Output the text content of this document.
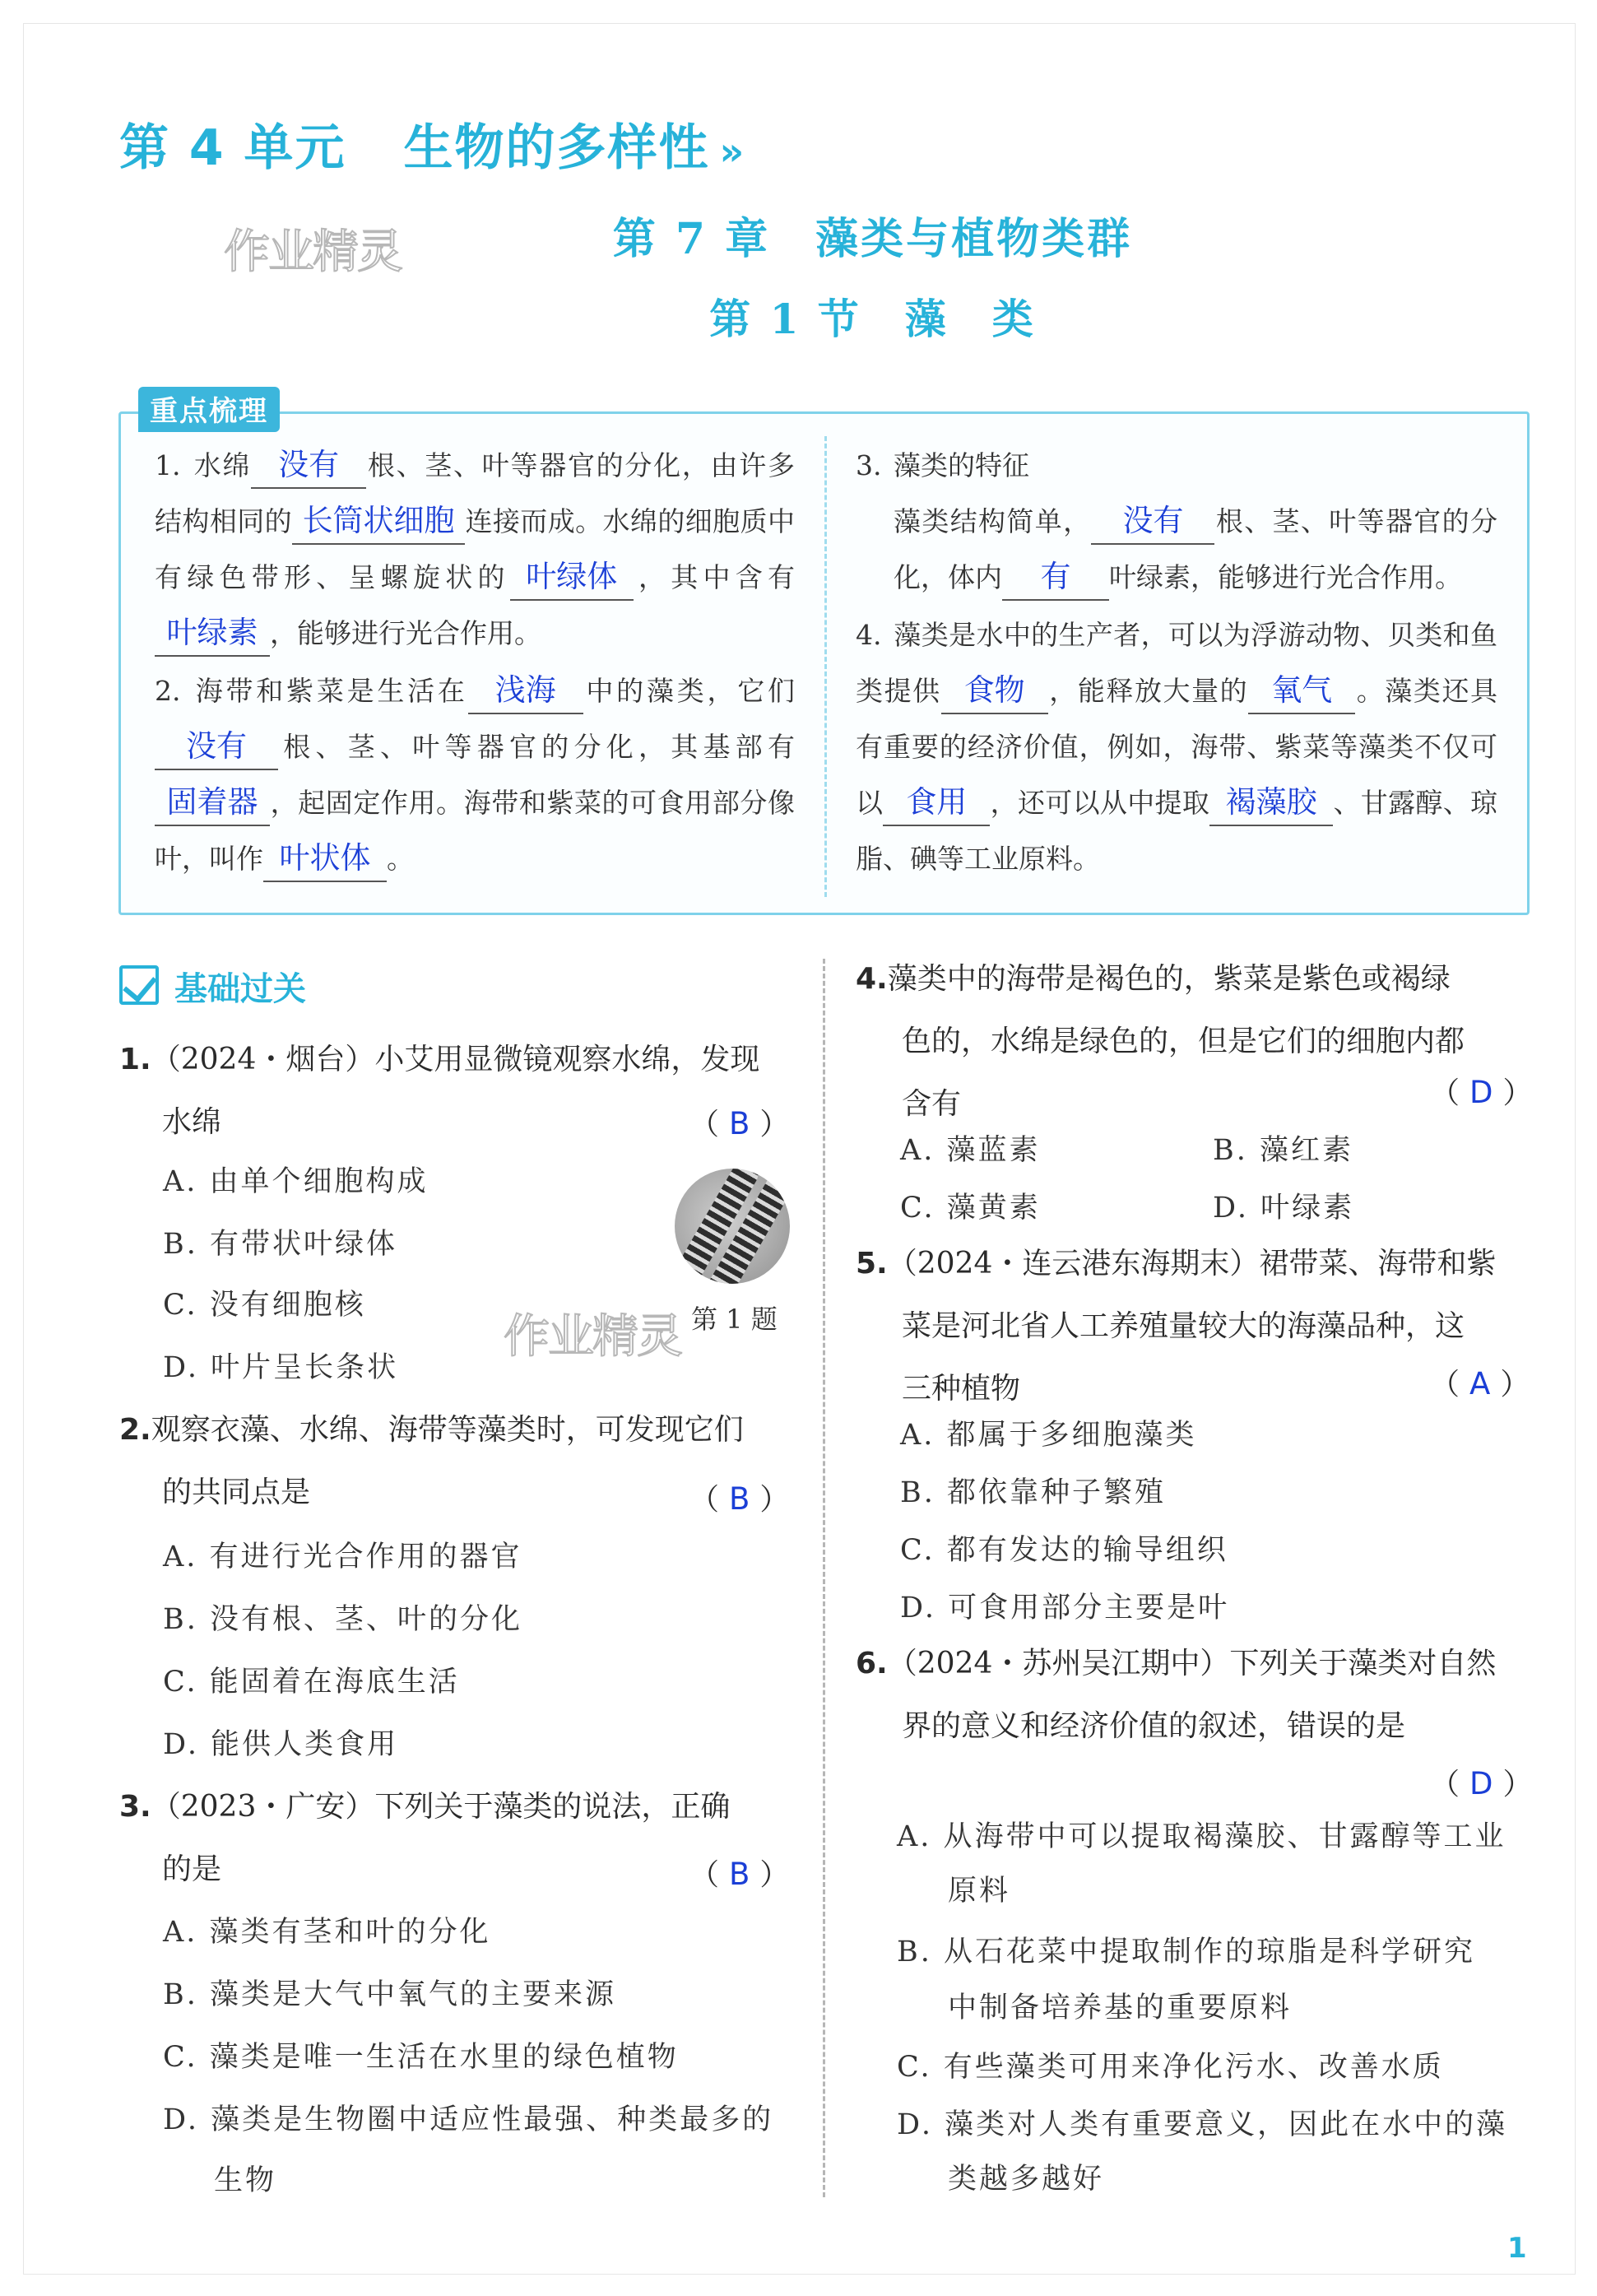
第 4 单元 生物的多样性 »
作业精灵	第 7 章　藻类与植物类群
第 1 节　藻　类
重点梳理
1. 水绵 没有 根、茎、叶等器官的分化，由许多结构相同的 长筒状细胞 连接而成。水绵的细胞质中有绿色带形、呈螺旋状的 叶绿体 ，其中含有叶绿素 ，能够进行光合作用。
2. 海带和紫菜是生活在 浅海 中的藻类，它们没有 根、茎、叶等器官的分化，其基部有固着器 ，起固定作用。海带和紫菜的可食用部分像叶，叫作 叶状体 。
3. 藻类的特征
藻类结构简单， 没有 根、茎、叶等器官的分化，体内 有 叶绿素，能够进行光合作用。
4. 藻类是水中的生产者，可以为浮游动物、贝类和鱼类提供 食物 ，能释放大量的 氧气 。藻类还具有重要的经济价值，例如，海带、紫菜等藻类不仅可以 食用 ，还可以从中提取 褐藻胶 、甘露醇、琼脂、碘等工业原料。
基础过关
1.（2024・烟台）小艾用显微镜观察水绵，发现
水绵	（ B ）
A. 由单个细胞构成
B. 有带状叶绿体
C. 没有细胞核
D. 叶片呈长条状
第 1 题
作业精灵
2.观察衣藻、水绵、海带等藻类时，可发现它们
的共同点是	（ B ）
A. 有进行光合作用的器官
B. 没有根、茎、叶的分化
C. 能固着在海底生活
D. 能供人类食用
3.（2023・广安）下列关于藻类的说法，正确
的是	（ B ）
A. 藻类有茎和叶的分化
B. 藻类是大气中氧气的主要来源
C. 藻类是唯一生活在水里的绿色植物
D. 藻类是生物圈中适应性最强、种类最多的
生物
4.藻类中的海带是褐色的，紫菜是紫色或褐绿
色的，水绵是绿色的，但是它们的细胞内都
含有	（ D ）
A. 藻蓝素	B. 藻红素
C. 藻黄素	D. 叶绿素
5.（2024・连云港东海期末）裙带菜、海带和紫
菜是河北省人工养殖量较大的海藻品种，这
三种植物	（ A ）
A. 都属于多细胞藻类
B. 都依靠种子繁殖
C. 都有发达的输导组织
D. 可食用部分主要是叶
6.（2024・苏州吴江期中）下列关于藻类对自然
界的意义和经济价值的叙述，错误的是
（ D ）
A. 从海带中可以提取褐藻胶、甘露醇等工业
原料
B. 从石花菜中提取制作的琼脂是科学研究
中制备培养基的重要原料
C. 有些藻类可用来净化污水、改善水质
D. 藻类对人类有重要意义，因此在水中的藻
类越多越好
1
